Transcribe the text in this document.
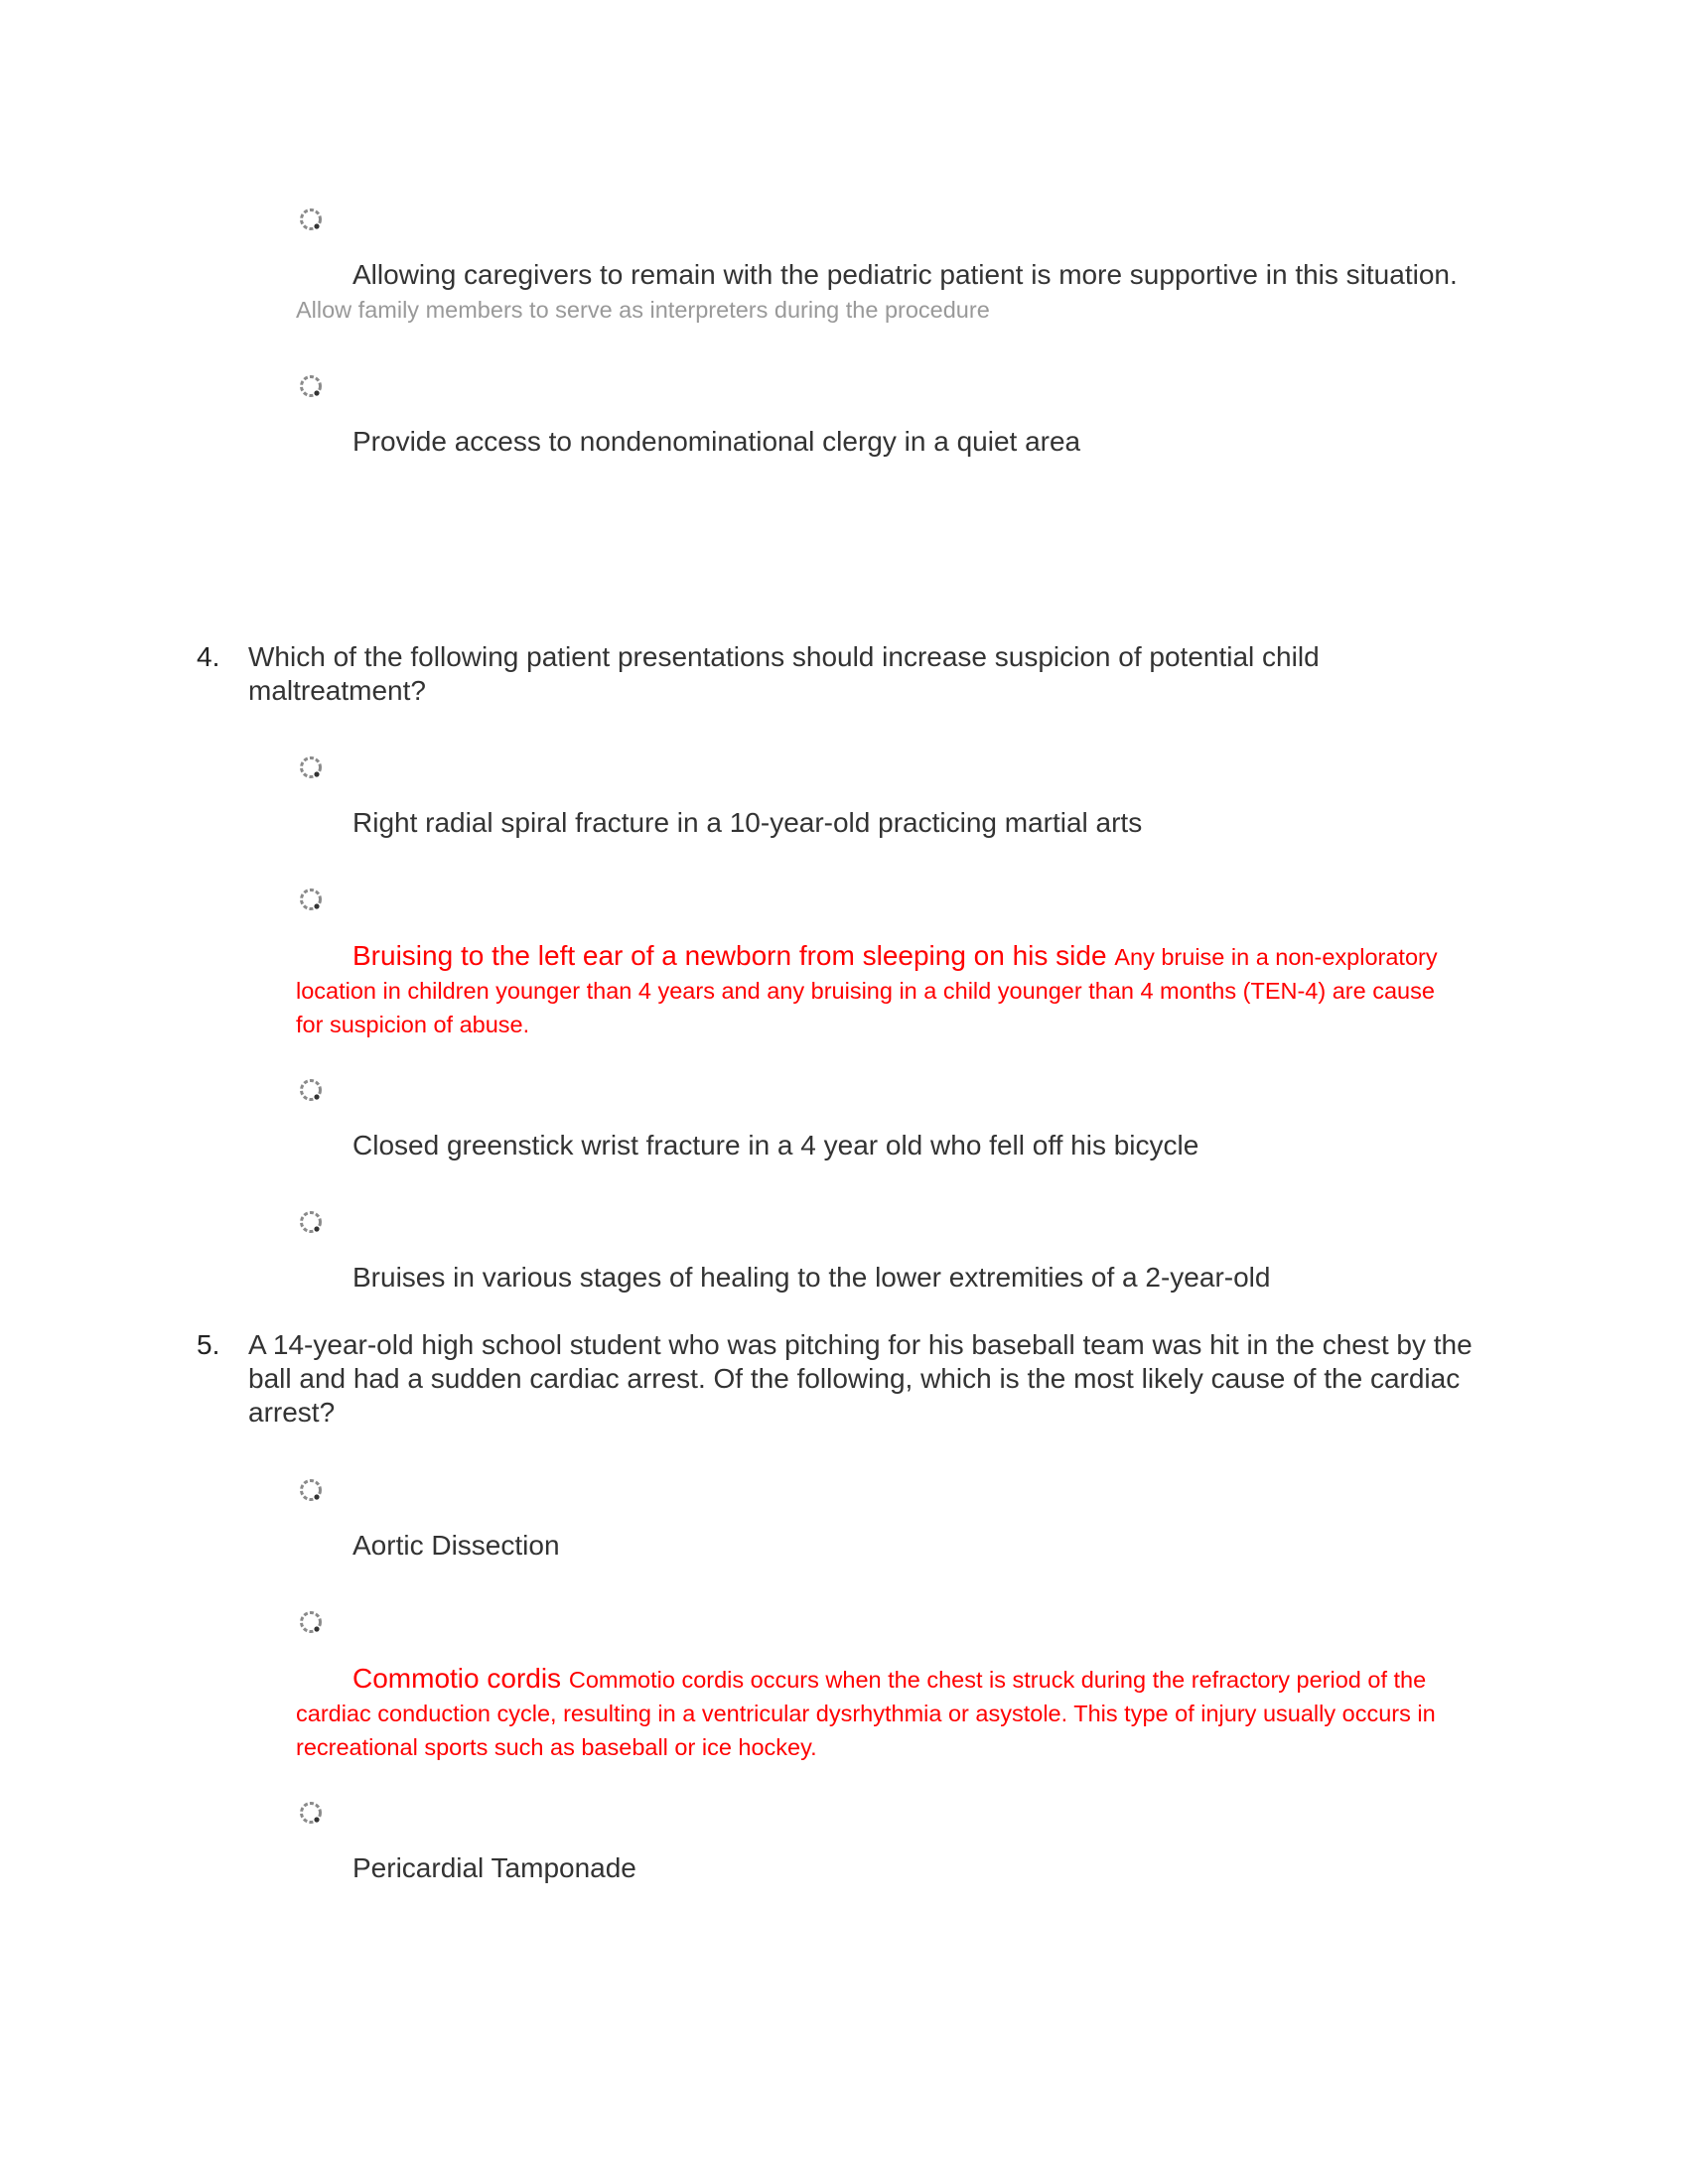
Allowing caregivers to remain with the pediatric patient is more supportive in this situation. Allow family members to serve as interpreters during the procedure

Provide access to nondenominational clergy in a quiet area

4. Which of the following patient presentations should increase suspicion of potential child maltreatment?

Right radial spiral fracture in a 10-year-old practicing martial arts

Bruising to the left ear of a newborn from sleeping on his side Any bruise in a non-exploratory location in children younger than 4 years and any bruising in a child younger than 4 months (TEN-4) are cause for suspicion of abuse.

Closed greenstick wrist fracture in a 4 year old who fell off his bicycle

Bruises in various stages of healing to the lower extremities of a 2-year-old

5. A 14-year-old high school student who was pitching for his baseball team was hit in the chest by the ball and had a sudden cardiac arrest. Of the following, which is the most likely cause of the cardiac arrest?

Aortic Dissection

Commotio cordis Commotio cordis occurs when the chest is struck during the refractory period of the cardiac conduction cycle, resulting in a ventricular dysrhythmia or asystole. This type of injury usually occurs in recreational sports such as baseball or ice hockey.

Pericardial Tamponade
